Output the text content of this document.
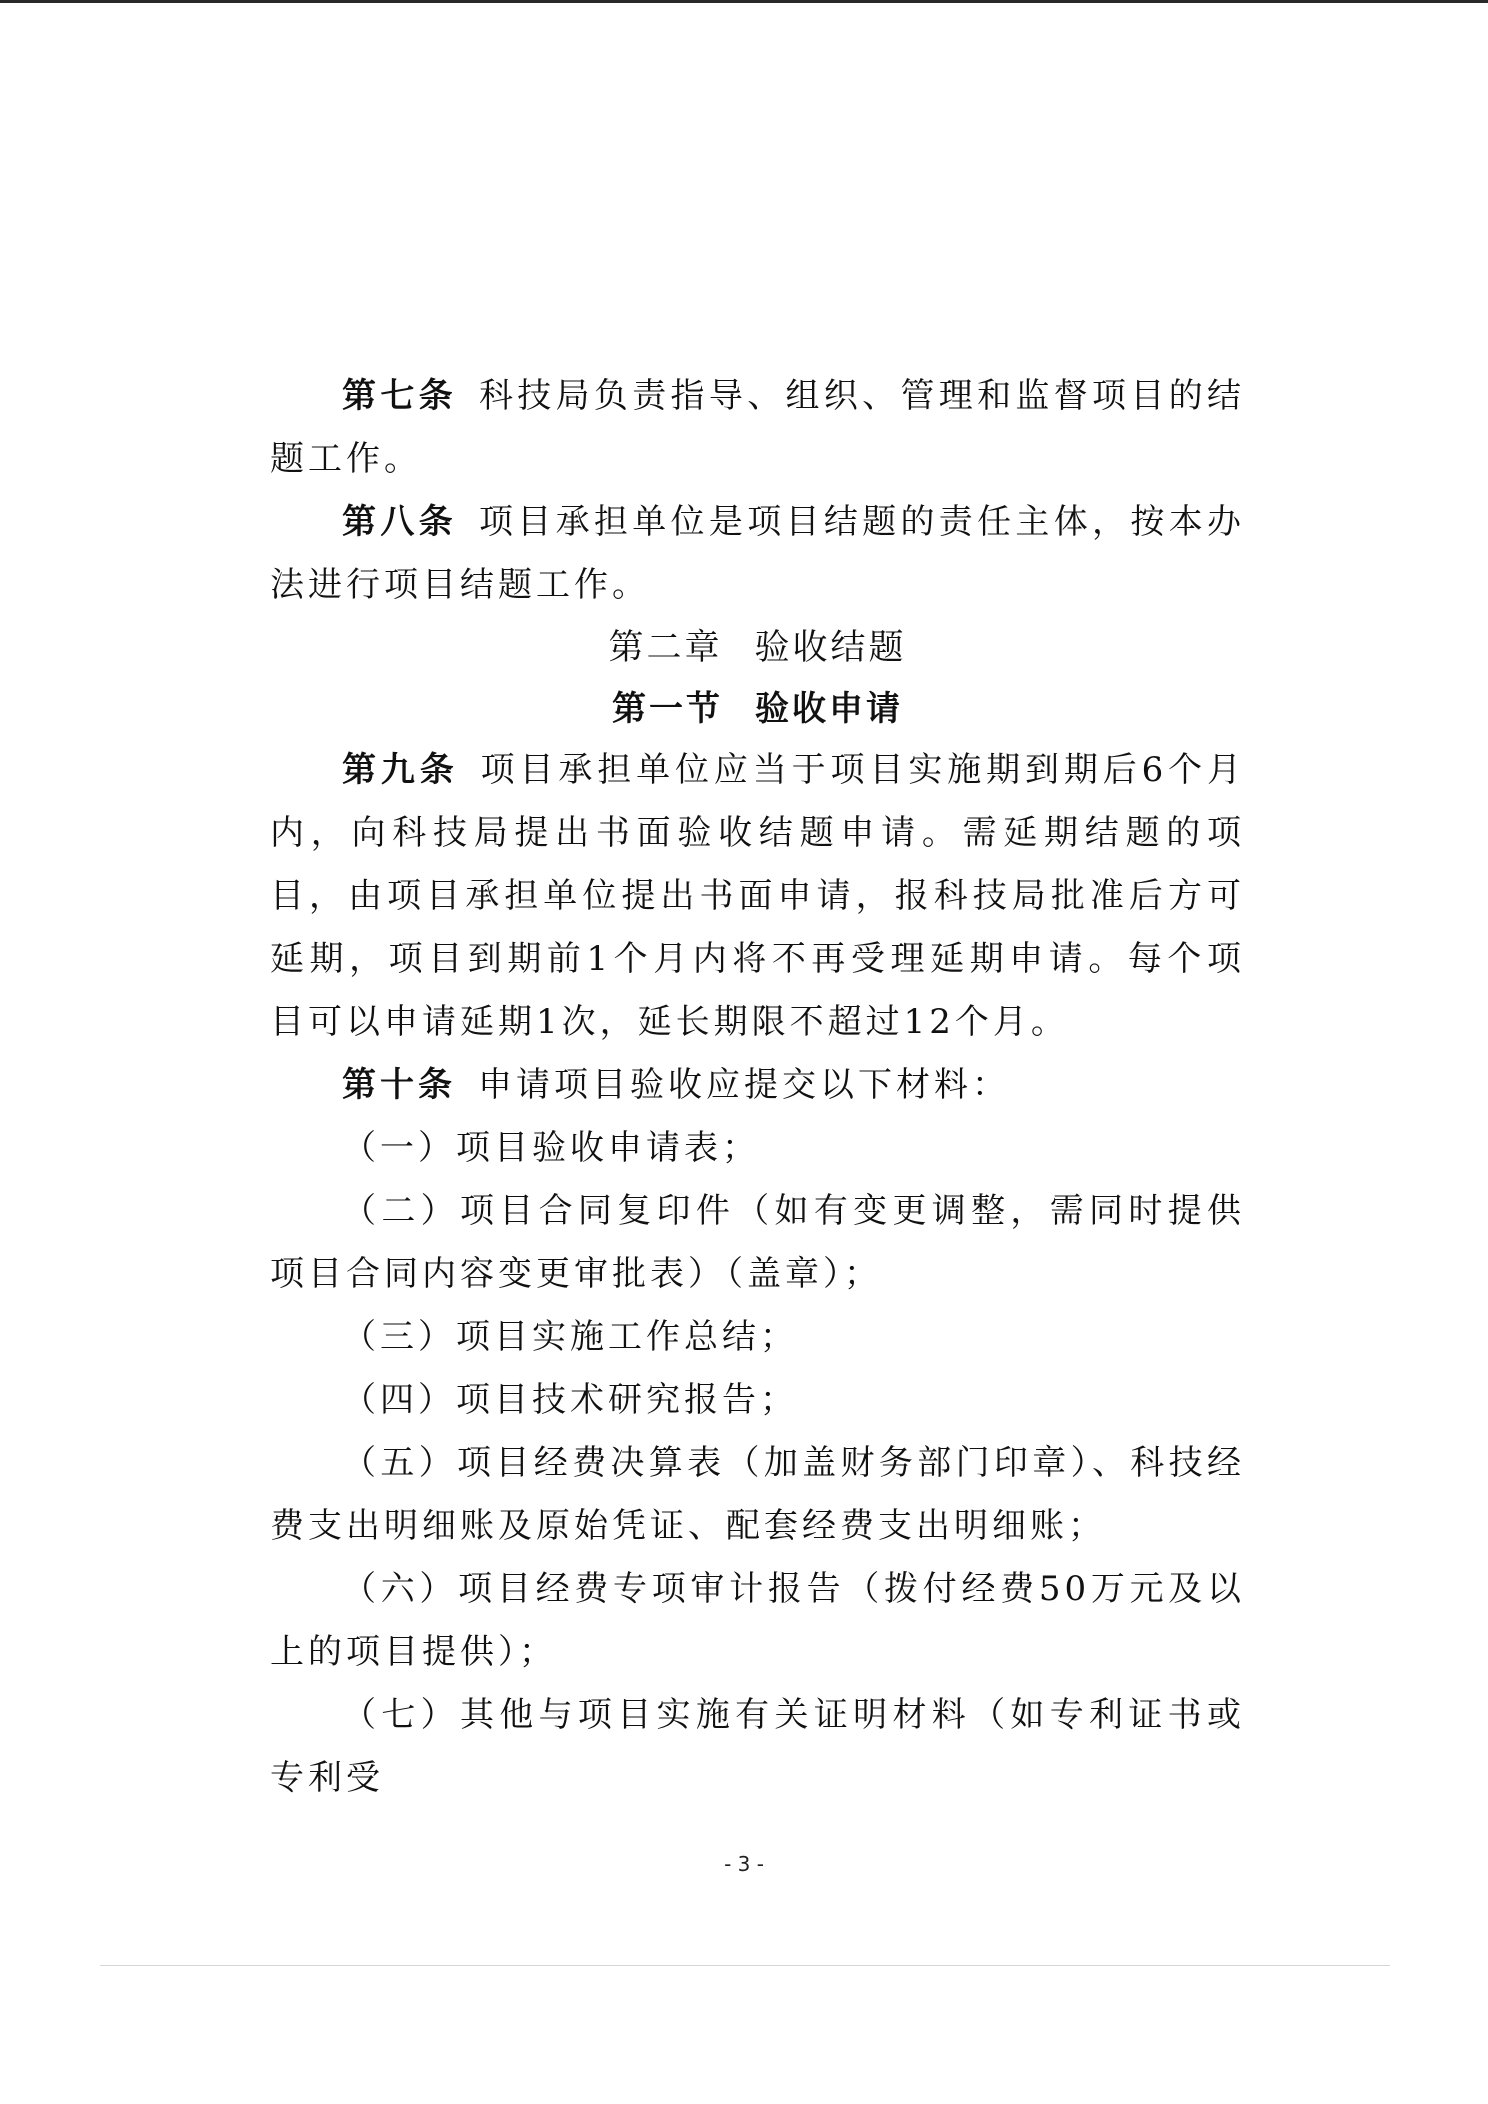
第七条 科技局负责指导、组织、管理和监督项目的结题工作。

第八条 项目承担单位是项目结题的责任主体，按本办法进行项目结题工作。

第二章 验收结题

第一节 验收申请

第九条 项目承担单位应当于项目实施期到期后6个月内，向科技局提出书面验收结题申请。需延期结题的项目，由项目承担单位提出书面申请，报科技局批准后方可延期，项目到期前1个月内将不再受理延期申请。每个项目可以申请延期1次，延长期限不超过12个月。

第十条 申请项目验收应提交以下材料：

（一）项目验收申请表；

（二）项目合同复印件（如有变更调整，需同时提供项目合同内容变更审批表）（盖章）；

（三）项目实施工作总结；

（四）项目技术研究报告；

（五）项目经费决算表（加盖财务部门印章）、科技经费支出明细账及原始凭证、配套经费支出明细账；

（六）项目经费专项审计报告（拨付经费50万元及以上的项目提供）；

（七）其他与项目实施有关证明材料（如专利证书或专利受

- 3 -
